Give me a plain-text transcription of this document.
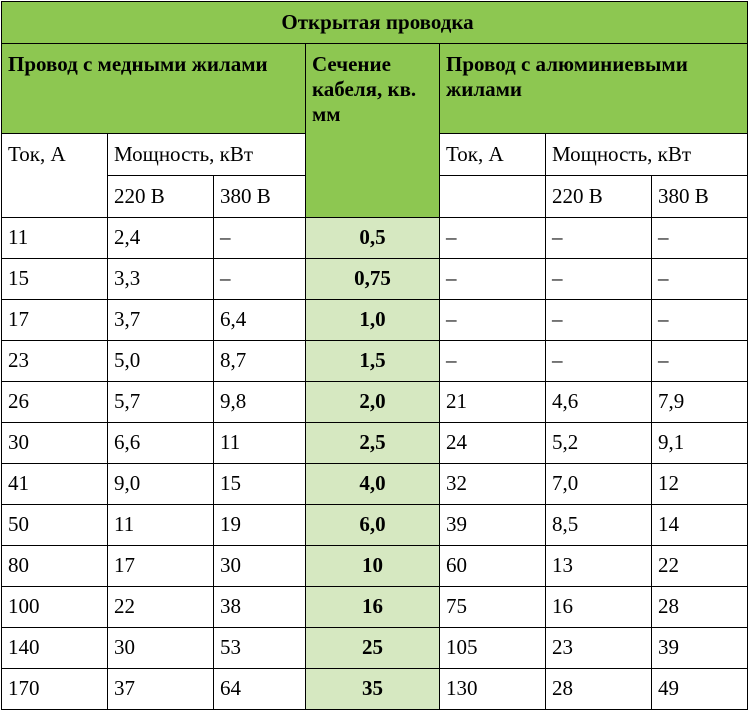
Открытая проводка						
Провод с медными жилами			Сечение кабеля, кв. мм	Провод с алюминиевыми жилами		
Ток, А	Мощность, кВт			Ток, А	Мощность, кВт	
	220 В	380 В			220 В	380 В
11	2,4	–	0,5	–	–	–
15	3,3	–	0,75	–	–	–
17	3,7	6,4	1,0	–	–	–
23	5,0	8,7	1,5	–	–	–
26	5,7	9,8	2,0	21	4,6	7,9
30	6,6	11	2,5	24	5,2	9,1
41	9,0	15	4,0	32	7,0	12
50	11	19	6,0	39	8,5	14
80	17	30	10	60	13	22
100	22	38	16	75	16	28
140	30	53	25	105	23	39
170	37	64	35	130	28	49
